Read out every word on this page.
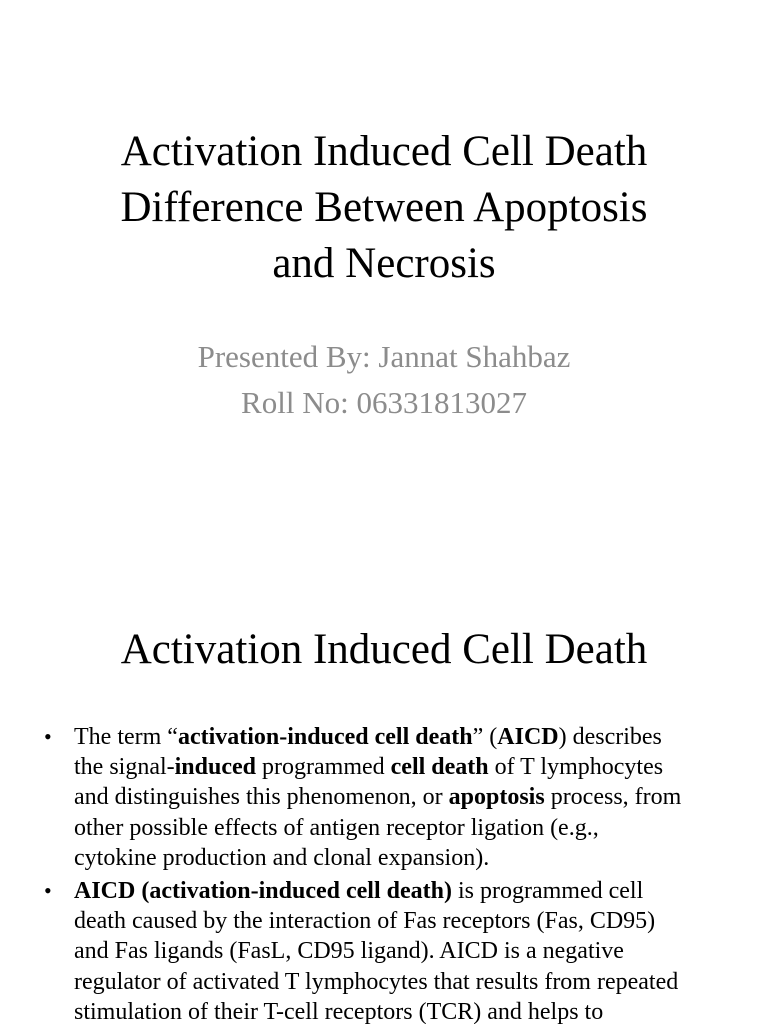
Activation Induced Cell Death
Difference Between Apoptosis
and Necrosis
Presented By: Jannat Shahbaz
Roll No: 06331813027
Activation Induced Cell Death
• The term “activation-induced cell death” (AICD) describes
the signal-induced programmed cell death of T lymphocytes
and distinguishes this phenomenon, or apoptosis process, from
other possible effects of antigen receptor ligation (e.g.,
cytokine production and clonal expansion).
• AICD (activation-induced cell death) is programmed cell
death caused by the interaction of Fas receptors (Fas, CD95)
and Fas ligands (FasL, CD95 ligand). AICD is a negative
regulator of activated T lymphocytes that results from repeated
stimulation of their T-cell receptors (TCR) and helps to
